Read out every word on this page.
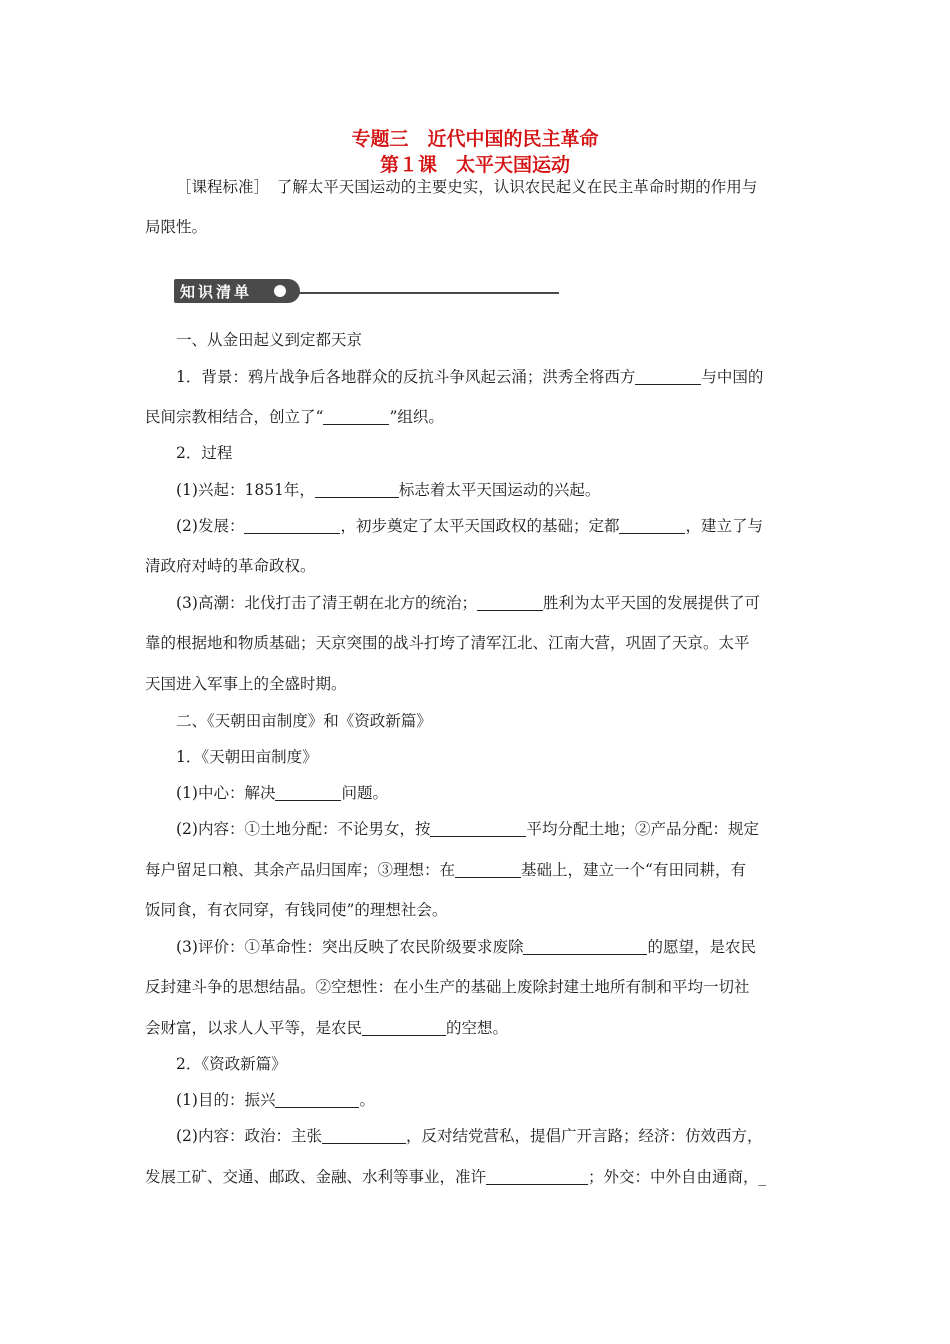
专题三　近代中国的民主革命
第１课　太平天国运动
［课程标准］　了解太平天国运动的主要史实，认识农民起义在民主革命时期的作用与
局限性。
知识清单
一、从金田起义到定都天京
1．背景：鸦片战争后各地群众的反抗斗争风起云涌；洪秀全将西方	与中国的
民间宗教相结合，创立了“	”组织。
2．过程
(1)兴起：1851年，	标志着太平天国运动的兴起。
(2)发展：	，初步奠定了太平天国政权的基础；定都	，建立了与
清政府对峙的革命政权。
(3)高潮：北伐打击了清王朝在北方的统治；	胜利为太平天国的发展提供了可
靠的根据地和物质基础；天京突围的战斗打垮了清军江北、江南大营，巩固了天京。太平
天国进入军事上的全盛时期。
二、《天朝田亩制度》和《资政新篇》
1．《天朝田亩制度》
(1)中心：解决	问题。
(2)内容：①土地分配：不论男女，按	平均分配土地；②产品分配：规定
每户留足口粮、其余产品归国库；③理想：在	基础上，建立一个“有田同耕，有
饭同食，有衣同穿，有钱同使”的理想社会。
(3)评价：①革命性：突出反映了农民阶级要求废除	的愿望，是农民
反封建斗争的思想结晶。②空想性：在小生产的基础上废除封建土地所有制和平均一切社
会财富，以求人人平等，是农民	的空想。
2．《资政新篇》
(1)目的：振兴	。
(2)内容：政治：主张	，反对结党营私，提倡广开言路；经济：仿效西方，
发展工矿、交通、邮政、金融、水利等事业，准许	；外交：中外自由通商，_
